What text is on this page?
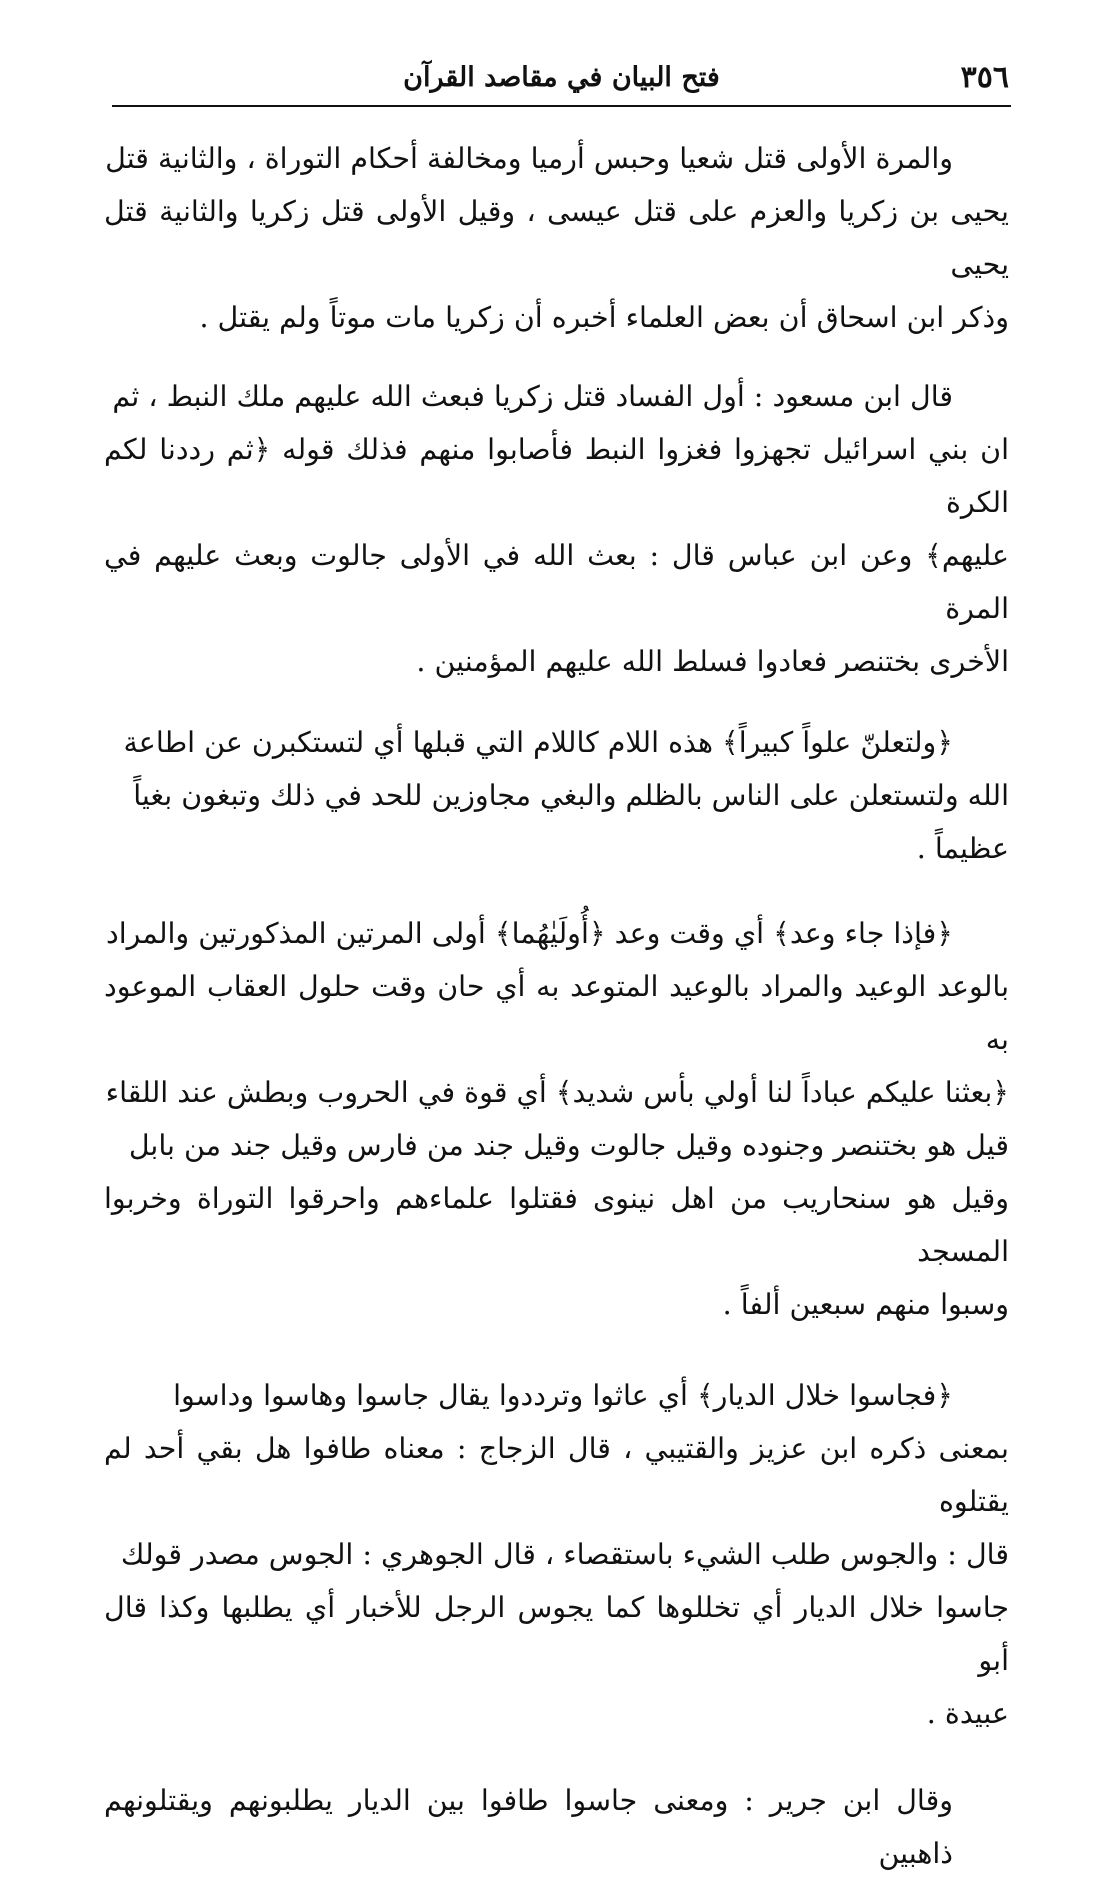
٣٥٦
فتح البيان في مقاصد القرآن

والمرة الأولى قتل شعيا وحبس أرميا ومخالفة أحكام التوراة ، والثانية قتل
يحيى بن زكريا والعزم على قتل عيسى ، وقيل الأولى قتل زكريا والثانية قتل يحيى
وذكر ابن اسحاق أن بعض العلماء أخبره أن زكريا مات موتاً ولم يقتل .

قال ابن مسعود : أول الفساد قتل زكريا فبعث الله عليهم ملك النبط ، ثم
ان بني اسرائيل تجهزوا فغزوا النبط فأصابوا منهم فذلك قوله ﴿ثم رددنا لكم الكرة
عليهم﴾ وعن ابن عباس قال : بعث الله في الأولى جالوت وبعث عليهم في المرة
الأخرى بختنصر فعادوا فسلط الله عليهم المؤمنين .

﴿ولتعلنّ علواً كبيراً﴾ هذه اللام كاللام التي قبلها أي لتستكبرن عن اطاعة
الله ولتستعلن على الناس بالظلم والبغي مجاوزين للحد في ذلك وتبغون بغياً
عظيماً .

﴿فإذا جاء وعد﴾ أي وقت وعد ﴿أُولَيٰهُما﴾ أولى المرتين المذكورتين والمراد
بالوعد الوعيد والمراد بالوعيد المتوعد به أي حان وقت حلول العقاب الموعود به
﴿بعثنا عليكم عباداً لنا أولي بأس شديد﴾ أي قوة في الحروب وبطش عند اللقاء
قيل هو بختنصر وجنوده وقيل جالوت وقيل جند من فارس وقيل جند من بابل
وقيل هو سنحاريب من اهل نينوى فقتلوا علماءهم واحرقوا التوراة وخربوا المسجد
وسبوا منهم سبعين ألفاً .

﴿فجاسوا خلال الديار﴾ أي عاثوا وترددوا يقال جاسوا وهاسوا وداسوا
بمعنى ذكره ابن عزيز والقتيبي ، قال الزجاج : معناه طافوا هل بقي أحد لم يقتلوه
قال : والجوس طلب الشيء باستقصاء ، قال الجوهري : الجوس مصدر قولك
جاسوا خلال الديار أي تخللوها كما يجوس الرجل للأخبار أي يطلبها وكذا قال أبو
عبيدة .

وقال ابن جرير : ومعنى جاسوا طافوا بين الديار يطلبونهم ويقتلونهم ذاهبين
